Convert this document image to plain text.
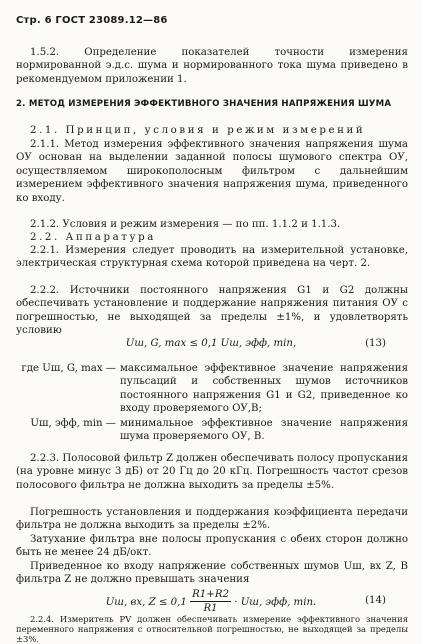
Стр. 6 ГОСТ 23089.12—86

1.5.2. Определение показателей точности измерения нормированной э.д.с. шума и нормированного тока шума приведено в рекомендуемом приложении 1.

2. МЕТОД ИЗМЕРЕНИЯ ЭФФЕКТИВНОГО ЗНАЧЕНИЯ НАПРЯЖЕНИЯ ШУМА

2.1. Принцип, условия и режим измерений

2.1.1. Метод измерения эффективного значения напряжения шума ОУ основан на выделении заданной полосы шумового спектра ОУ, осуществляемом широкополосным фильтром с дальнейшим измерением эффективного значения напряжения шума, приведенного ко входу.

2.1.2. Условия и режим измерения — по пп. 1.1.2 и 1.1.3.

2.2. Аппаратура

2.2.1. Измерения следует проводить на измерительной установке, электрическая структурная схема которой приведена на черт. 2.

2.2.2. Источники постоянного напряжения G1 и G2 должны обеспечивать установление и поддержание напряжения питания ОУ с погрешностью, не выходящей за пределы ±1%, и удовлетворять условию

Uш, G, max ≤ 0,1 Uш, эфф, min,	(13)
где Uш, G, max — максимальное эффективное значение напряжения пульсаций и собственных шумов источников постоянного напряжения G1 и G2, приведенное ко входу проверяемого ОУ,В;
Uш, эфф, min — минимальное эффективное значение напряжения шума проверяемого ОУ, В.

2.2.3. Полосовой фильтр Z должен обеспечивать полосу пропускания (на уровне минус 3 дБ) от 20 Гц до 20 кГц. Погрешность частот срезов полосового фильтра не должна выходить за пределы ±5%.

Погрешность установления и поддержания коэффициента передачи фильтра не должна выходить за пределы ±2%.

Затухание фильтра вне полосы пропускания с обеих сторон должно быть не менее 24 дБ/окт.

Приведенное ко входу напряжение собственных шумов Uш, вх Z, В фильтра Z не должно превышать значения

Uш, вх, $Z \le 0,1 \frac{R1+R2}{R1}$ · Uш, эфф, min.	(14)

2.2.4. Измеритель PV должен обеспечивать измерение эффективного значения переменного напряжения с относительной погрешностью, не выходящей за пределы ±3%.
